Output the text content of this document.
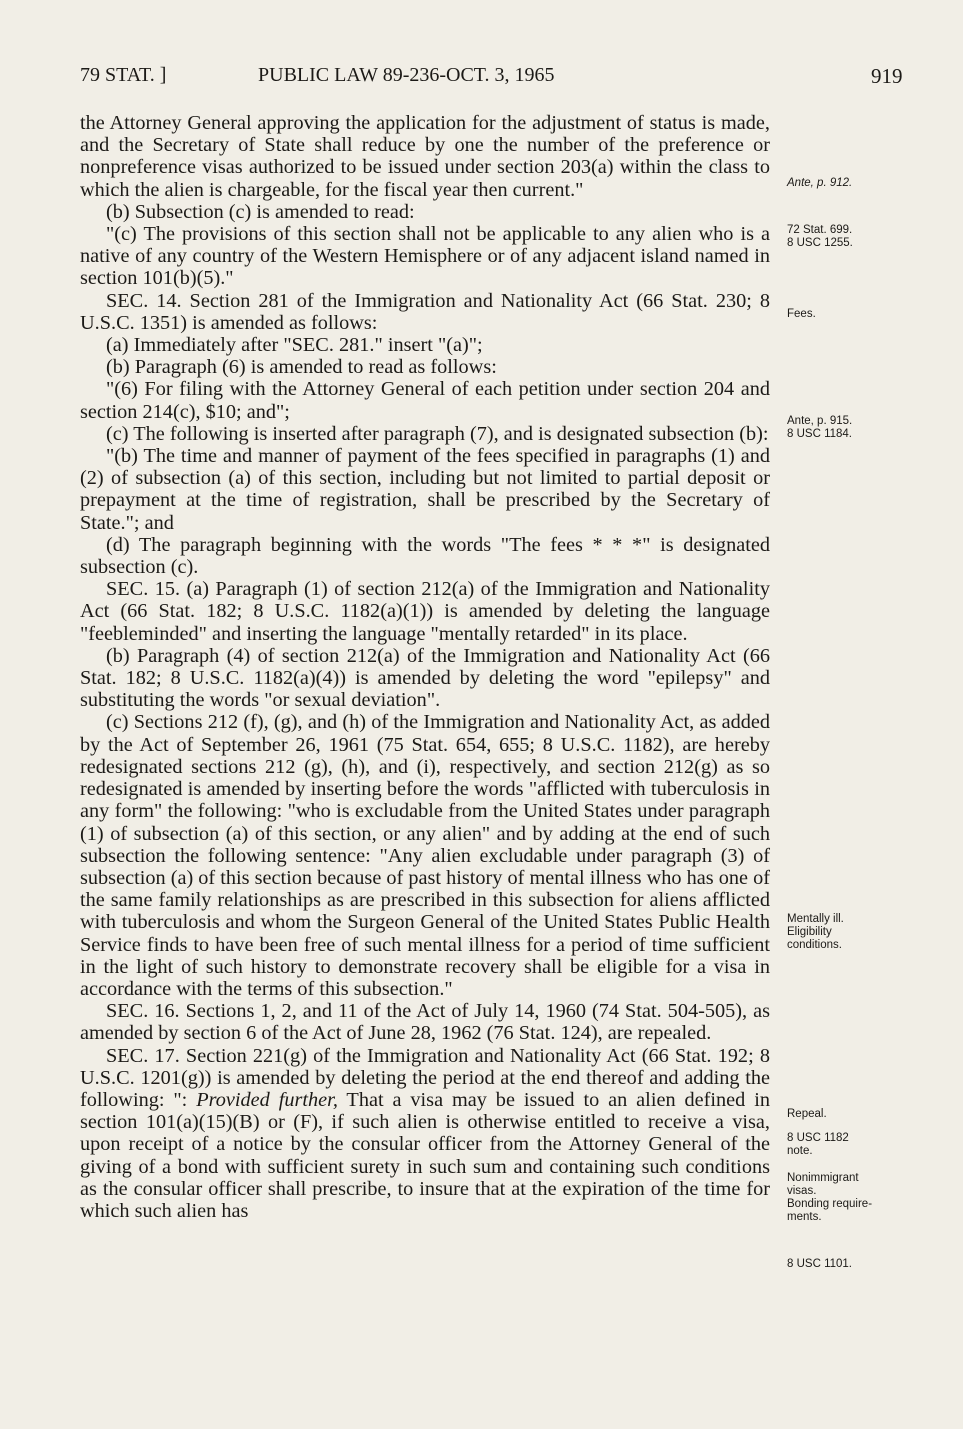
79 STAT. ]	PUBLIC LAW 89-236-OCT. 3, 1965	919

the Attorney General approving the application for the adjustment of status is made, and the Secretary of State shall reduce by one the number of the preference or nonpreference visas authorized to be issued under section 203(a) within the class to which the alien is chargeable, for the fiscal year then current."

(b) Subsection (c) is amended to read:

"(c) The provisions of this section shall not be applicable to any alien who is a native of any country of the Western Hemisphere or of any adjacent island named in section 101(b)(5)."

SEC. 14. Section 281 of the Immigration and Nationality Act (66 Stat. 230; 8 U.S.C. 1351) is amended as follows:

(a) Immediately after "SEC. 281." insert "(a)";

(b) Paragraph (6) is amended to read as follows:

"(6) For filing with the Attorney General of each petition under section 204 and section 214(c), $10; and";

(c) The following is inserted after paragraph (7), and is designated subsection (b):

"(b) The time and manner of payment of the fees specified in paragraphs (1) and (2) of subsection (a) of this section, including but not limited to partial deposit or prepayment at the time of registration, shall be prescribed by the Secretary of State."; and

(d) The paragraph beginning with the words "The fees * * *" is designated subsection (c).

SEC. 15. (a) Paragraph (1) of section 212(a) of the Immigration and Nationality Act (66 Stat. 182; 8 U.S.C. 1182(a)(1)) is amended by deleting the language "feebleminded" and inserting the language "mentally retarded" in its place.

(b) Paragraph (4) of section 212(a) of the Immigration and Nationality Act (66 Stat. 182; 8 U.S.C. 1182(a)(4)) is amended by deleting the word "epilepsy" and substituting the words "or sexual deviation".

(c) Sections 212 (f), (g), and (h) of the Immigration and Nationality Act, as added by the Act of September 26, 1961 (75 Stat. 654, 655; 8 U.S.C. 1182), are hereby redesignated sections 212 (g), (h), and (i), respectively, and section 212(g) as so redesignated is amended by inserting before the words "afflicted with tuberculosis in any form" the following: "who is excludable from the United States under paragraph (1) of subsection (a) of this section, or any alien" and by adding at the end of such subsection the following sentence: "Any alien excludable under paragraph (3) of subsection (a) of this section because of past history of mental illness who has one of the same family relationships as are prescribed in this subsection for aliens afflicted with tuberculosis and whom the Surgeon General of the United States Public Health Service finds to have been free of such mental illness for a period of time sufficient in the light of such history to demonstrate recovery shall be eligible for a visa in accordance with the terms of this subsection."

SEC. 16. Sections 1, 2, and 11 of the Act of July 14, 1960 (74 Stat. 504-505), as amended by section 6 of the Act of June 28, 1962 (76 Stat. 124), are repealed.

SEC. 17. Section 221(g) of the Immigration and Nationality Act (66 Stat. 192; 8 U.S.C. 1201(g)) is amended by deleting the period at the end thereof and adding the following: ": Provided further, That a visa may be issued to an alien defined in section 101(a)(15)(B) or (F), if such alien is otherwise entitled to receive a visa, upon receipt of a notice by the consular officer from the Attorney General of the giving of a bond with sufficient surety in such sum and containing such conditions as the consular officer shall prescribe, to insure that at the expiration of the time for which such alien has

Ante, p. 912.
72 Stat. 699.
8 USC 1255.
Fees.
Ante, p. 915.
8 USC 1184.
Mentally ill.
Eligibility
conditions.
Repeal.
8 USC 1182
note.
Nonimmigrant
visas.
Bonding require-
ments.
8 USC 1101.
